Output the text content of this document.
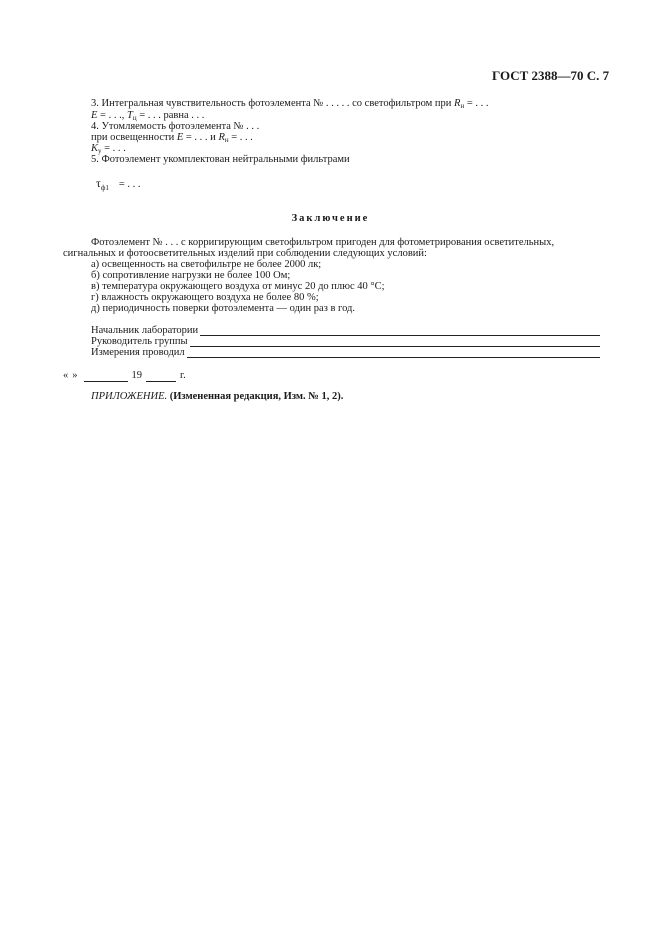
ГОСТ 2388—70 С. 7
3. Интегральная чувствительность фотоэлемента № . . . . . со светофильтром при Rн = . . .
E = . . ., Tц = . . . равна . . .
4. Утомляемость фотоэлемента № . . .
при освещенности E = . . . и Rн = . . .
Kу = . . .
5. Фотоэлемент укомплектован нейтральными фильтрами
$\tau_{ф1}$ = . . .
Заключение
Фотоэлемент № . . . с корригирующим светофильтром пригоден для фотометрирования осветительных,
сигнальных и фотоосветительных изделий при соблюдении следующих условий:
а) освещенность на светофильтре не более 2000 лк;
б) сопротивление нагрузки не более 100 Ом;
в) температура окружающего воздуха от минус 20 до плюс 40 °С;
г) влажность окружающего воздуха не более 80 %;
д) периодичность поверки фотоэлемента — один раз в год.
Начальник лаборатории
Руководитель группы
Измерения проводил
« »	19	г.
ПРИЛОЖЕНИЕ. (Измененная редакция, Изм. № 1, 2).
